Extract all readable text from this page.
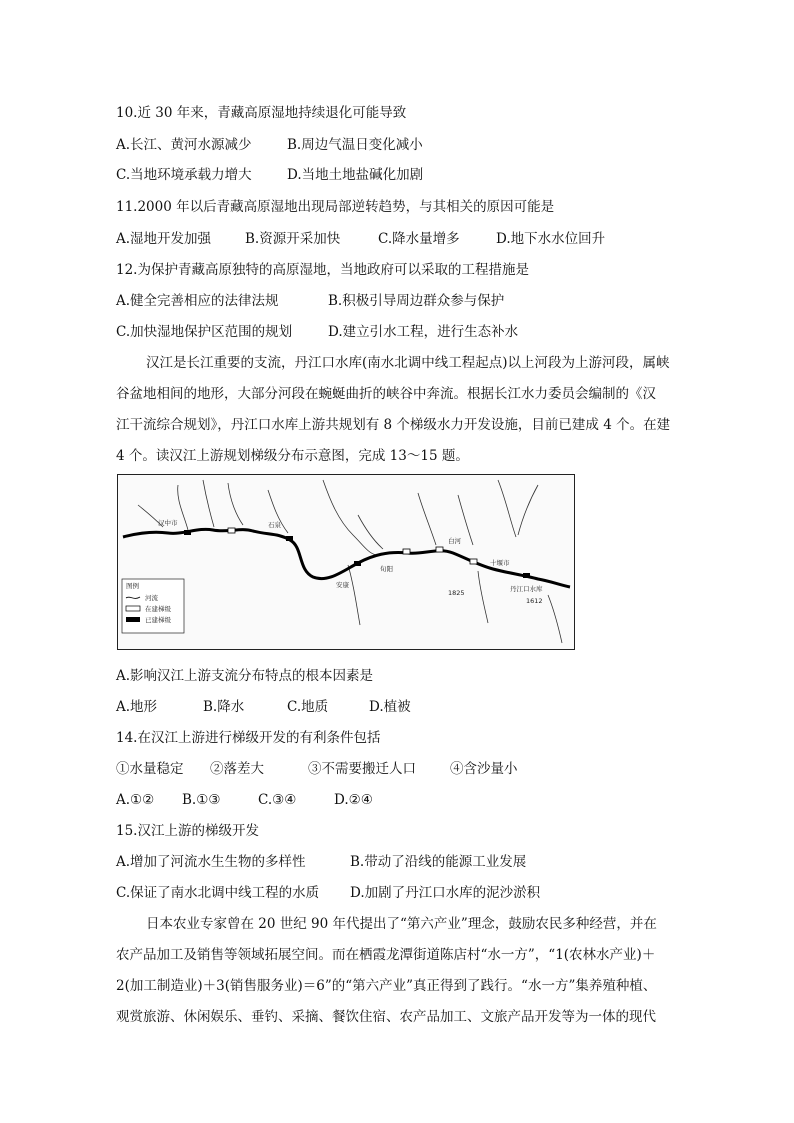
10.近 30 年来，青藏高原湿地持续退化可能导致
A.长江、黄河水源减少	B.周边气温日变化减小
C.当地环境承载力增大	D.当地土地盐碱化加剧
11.2000 年以后青藏高原湿地出现局部逆转趋势，与其相关的原因可能是
A.湿地开发加强	B.资源开采加快	C.降水量增多	D.地下水水位回升
12.为保护青藏高原独特的高原湿地，当地政府可以采取的工程措施是
A.健全完善相应的法律法规	B.积极引导周边群众参与保护
C.加快湿地保护区范围的规划	D.建立引水工程，进行生态补水
汉江是长江重要的支流，丹江口水库(南水北调中线工程起点)以上河段为上游河段，属峡
谷盆地相间的地形，大部分河段在蜿蜒曲折的峡谷中奔流。根据长江水力委员会编制的《汉
江干流综合规划》，丹江口水库上游共规划有 8 个梯级水力开发设施，目前已建成 4 个。在建
4 个。读汉江上游规划梯级分布示意图，完成 13～15 题。
汉中市	石泉
安康
旬阳
白河
十堰市
丹江口水库
1825
1612
图例
河流
在建梯级
已建梯级
A.影响汉江上游支流分布特点的根本因素是
A.地形	B.降水	C.地质	D.植被
14.在汉江上游进行梯级开发的有利条件包括
①水量稳定 ②落差大	③不需要搬迁人口	④含沙量小
A.①② B.①③	C.③④	D.②④
15.汉江上游的梯级开发
A.增加了河流水生生物的多样性	B.带动了沿线的能源工业发展
C.保证了南水北调中线工程的水质 D.加剧了丹江口水库的泥沙淤积
日本农业专家曾在 20 世纪 90 年代提出了“第六产业”理念，鼓励农民多种经营，并在
农产品加工及销售等领域拓展空间。而在栖霞龙潭街道陈店村“水一方”，“1(农林水产业)＋
2(加工制造业)＋3(销售服务业)＝6”的“第六产业”真正得到了践行。“水一方”集养殖种植、
观赏旅游、休闲娱乐、垂钓、采摘、餐饮住宿、农产品加工、文旅产品开发等为一体的现代
